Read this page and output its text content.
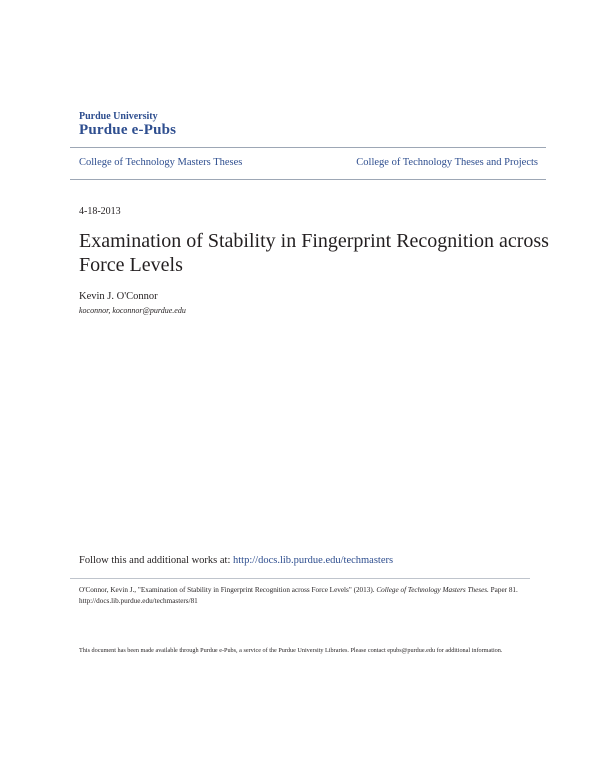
Purdue University
Purdue e-Pubs
College of Technology Masters Theses	College of Technology Theses and Projects
4-18-2013
Examination of Stability in Fingerprint Recognition across Force Levels
Kevin J. O'Connor
koconnor, koconnor@purdue.edu
Follow this and additional works at: http://docs.lib.purdue.edu/techmasters
O'Connor, Kevin J., "Examination of Stability in Fingerprint Recognition across Force Levels" (2013). College of Technology Masters Theses. Paper 81.
http://docs.lib.purdue.edu/techmasters/81
This document has been made available through Purdue e-Pubs, a service of the Purdue University Libraries. Please contact epubs@purdue.edu for additional information.
